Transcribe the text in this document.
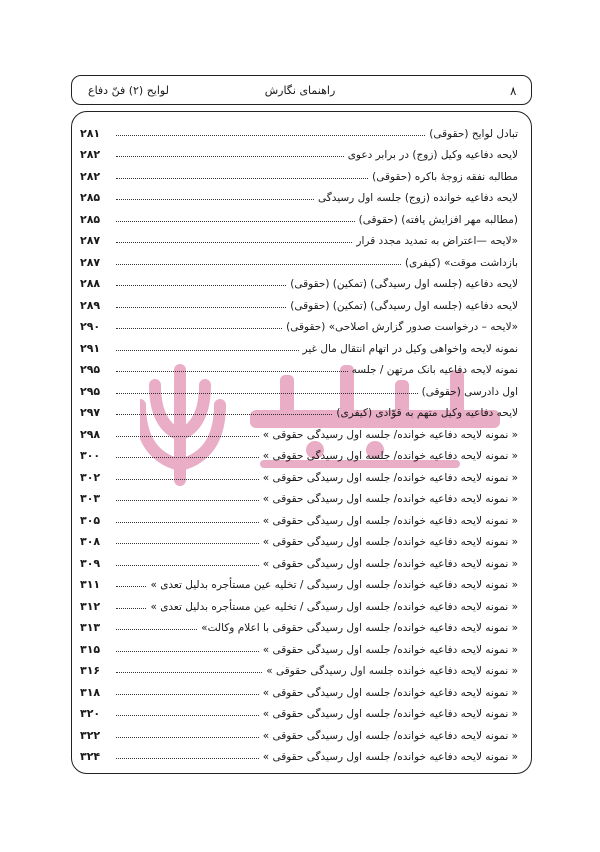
۸
راهنمای نگارش
لوایح (۲) فنّ دفاع
تبادل لوایح (حقوقی)
۲۸۱
لایحه دفاعیه وکیل (زوج) در برابر دعوی
۲۸۲
مطالبه نفقه زوجهٔ باکره (حقوقی)
۲۸۲
لایحه دفاعیه خوانده (زوج) جلسه اول رسیدگی
۲۸۵
(مطالبه مهر افزایش یافته) (حقوقی)
۲۸۵
«لایحه —اعتراض به تمدید مجدد قرار
۲۸۷
بازداشت موقت» (کیفری)
۲۸۷
لایحه دفاعیه (جلسه اول رسیدگی) (تمکین) (حقوقی)
۲۸۸
لایحه دفاعیه (جلسه اول رسیدگی) (تمکین) (حقوقی)
۲۸۹
«لایحه – درخواست صدور گزارش اصلاحی» (حقوقی)
۲۹۰
نمونه لایحه واخواهی وکیل در اتهام انتقال مال غیر
۲۹۱
نمونه لایحه دفاعیه بانک مرتهن / جلسه
۲۹۵
اول دادرسی (حقوقی)
۲۹۵
لایحه دفاعیه وکیل متهم به قوّادی (کیفری)
۲۹۷
« نمونه لایحه دفاعیه خوانده/ جلسه اول رسیدگی حقوقی »
۲۹۸
« نمونه لایحه دفاعیه خوانده/ جلسه اول رسیدگی حقوقی »
۳۰۰
« نمونه لایحه دفاعیه خوانده/ جلسه اول رسیدگی حقوقی »
۳۰۲
« نمونه لایحه دفاعیه خوانده/ جلسه اول رسیدگی حقوقی »
۳۰۳
« نمونه لایحه دفاعیه خوانده/ جلسه اول رسیدگی حقوقی »
۳۰۵
« نمونه لایحه دفاعیه خوانده/ جلسه اول رسیدگی حقوقی »
۳۰۸
« نمونه لایحه دفاعیه خوانده/ جلسه اول رسیدگی حقوقی »
۳۰۹
« نمونه لایحه دفاعیه خوانده/ جلسه اول رسیدگی / تخلیه عین مستأجره بدلیل تعدی »
۳۱۱
« نمونه لایحه دفاعیه خوانده/ جلسه اول رسیدگی / تخلیه عین مستأجره بدلیل تعدی »
۳۱۲
« نمونه لایحه دفاعیه خوانده/ جلسه اول رسیدگی حقوقی با اعلام وکالت»
۳۱۳
« نمونه لایحه دفاعیه خوانده/ جلسه اول رسیدگی حقوقی »
۳۱۵
« نمونه لایحه دفاعیه خوانده جلسه اول رسیدگی حقوقی »
۳۱۶
« نمونه لایحه دفاعیه خوانده/ جلسه اول رسیدگی حقوقی »
۳۱۸
« نمونه لایحه دفاعیه خوانده/ جلسه اول رسیدگی حقوقی »
۳۲۰
« نمونه لایحه دفاعیه خوانده/ جلسه اول رسیدگی حقوقی »
۳۲۲
« نمونه لایحه دفاعیه خوانده/ جلسه اول رسیدگی حقوقی »
۳۲۴
